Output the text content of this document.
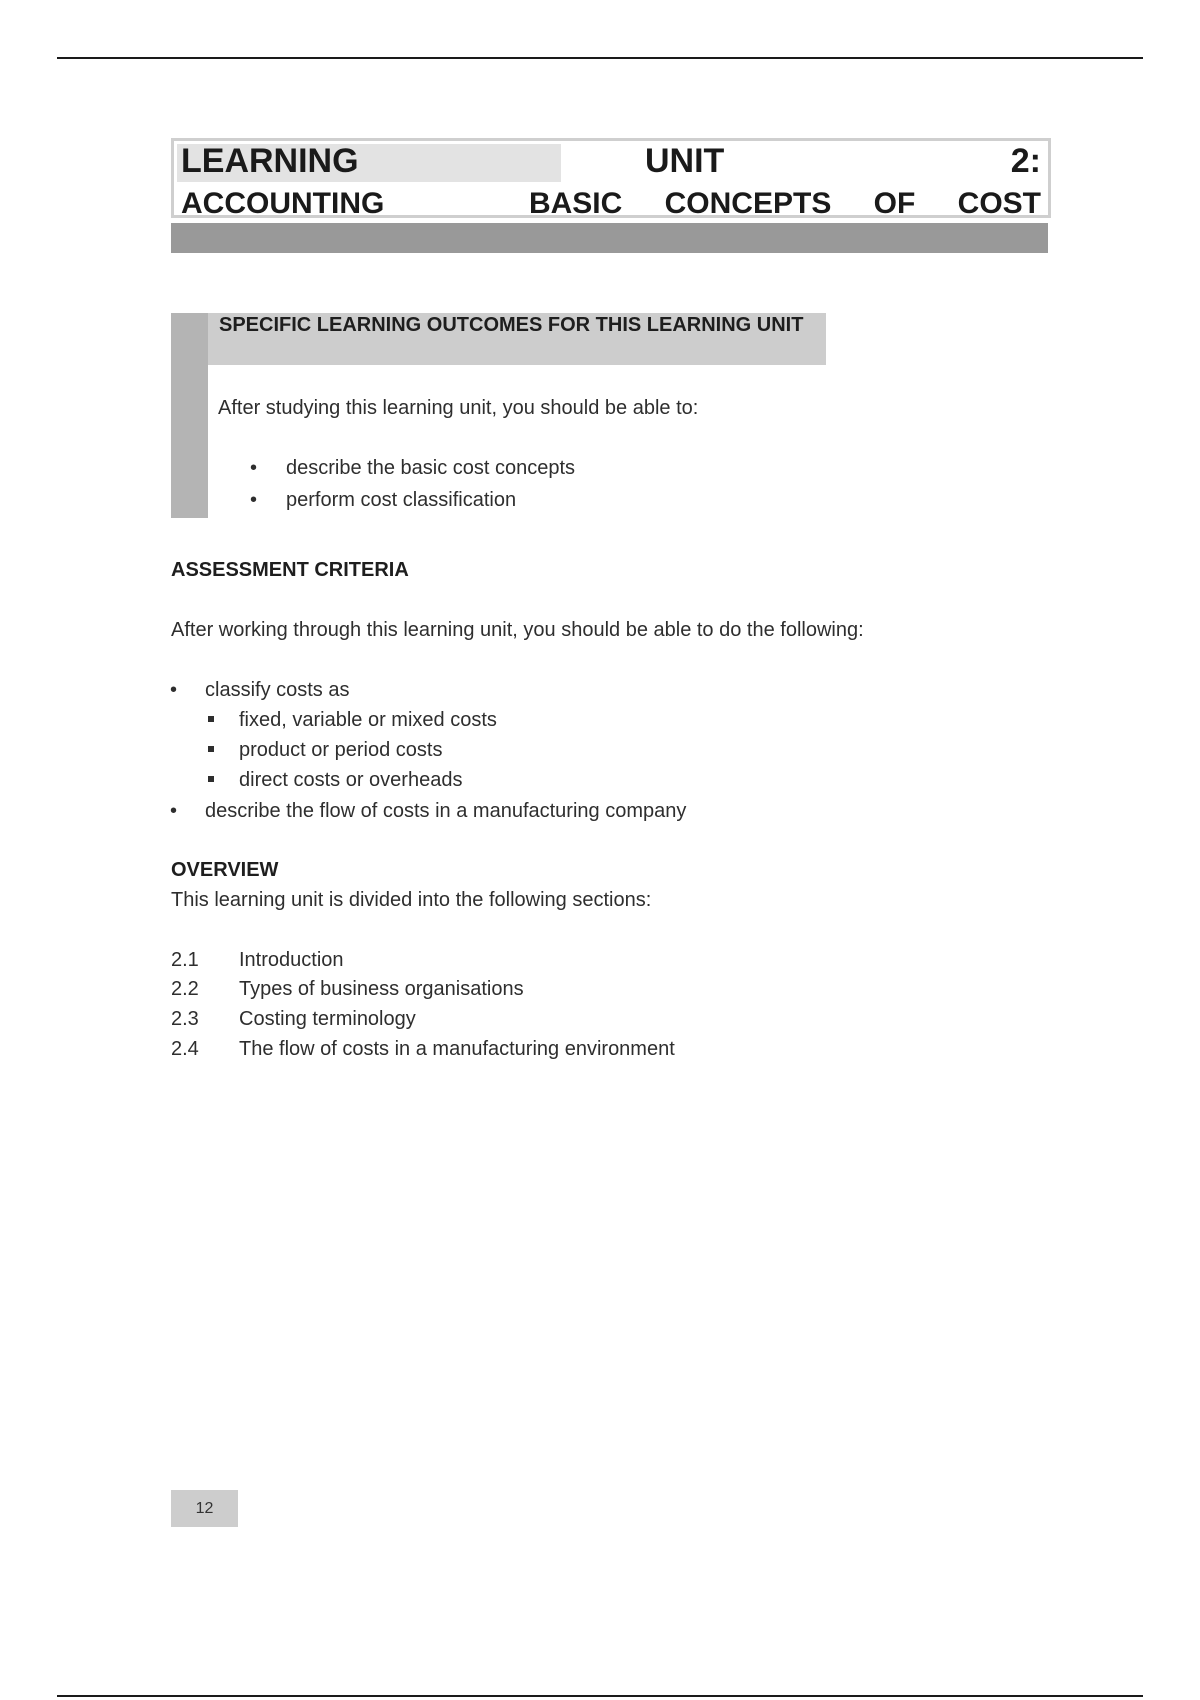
LEARNING UNIT 2:
BASIC CONCEPTS OF COST
ACCOUNTING
SPECIFIC LEARNING OUTCOMES FOR THIS LEARNING UNIT
After studying this learning unit, you should be able to:
• describe the basic cost concepts
• perform cost classification
ASSESSMENT CRITERIA
After working through this learning unit, you should be able to do the following:
• classify costs as
fixed, variable or mixed costs
product or period costs
direct costs or overheads
• describe the flow of costs in a manufacturing company
OVERVIEW
This learning unit is divided into the following sections:
2.1 Introduction
2.2 Types of business organisations
2.3 Costing terminology
2.4 The flow of costs in a manufacturing environment
12
